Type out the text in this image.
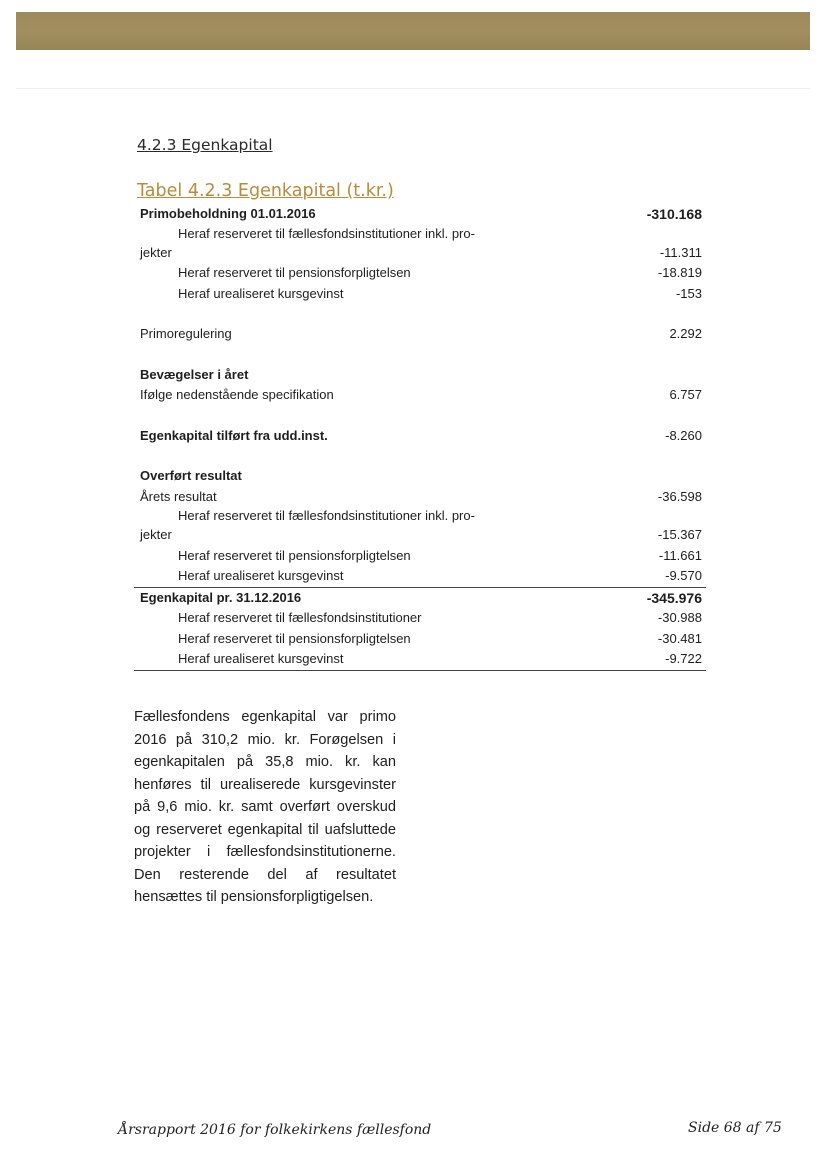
4.2.3 Egenkapital
Tabel 4.2.3 Egenkapital (t.kr.)
Primobeholdning 01.01.2016	-310.168
Heraf reserveret til fællesfondsinstitutioner inkl. pro-
jekter	-11.311
Heraf reserveret til pensionsforpligtelsen	-18.819
Heraf urealiseret kursgevinst	-153
Primoregulering	2.292
Bevægelser i året
Ifølge nedenstående specifikation	6.757
Egenkapital tilført fra udd.inst.	-8.260
Overført resultat
Årets resultat	-36.598
Heraf reserveret til fællesfondsinstitutioner inkl. pro-
jekter	-15.367
Heraf reserveret til pensionsforpligtelsen	-11.661
Heraf urealiseret kursgevinst	-9.570
Egenkapital pr. 31.12.2016	-345.976
Heraf reserveret til fællesfondsinstitutioner	-30.988
Heraf reserveret til pensionsforpligtelsen	-30.481
Heraf urealiseret kursgevinst	-9.722
Fællesfondens egenkapital var primo 2016 på 310,2 mio. kr. Forøgelsen i egenkapitalen på 35,8 mio. kr. kan henføres til urealiserede kursgevinster på 9,6 mio. kr. samt overført overskud og reserveret egenkapital til uafsluttede projekter i fællesfondsinstitutionerne. Den resterende del af resultatet hensættes til pensionsforpligtigelsen.
Årsrapport 2016 for folkekirkens fællesfond	Side 68 af 75
